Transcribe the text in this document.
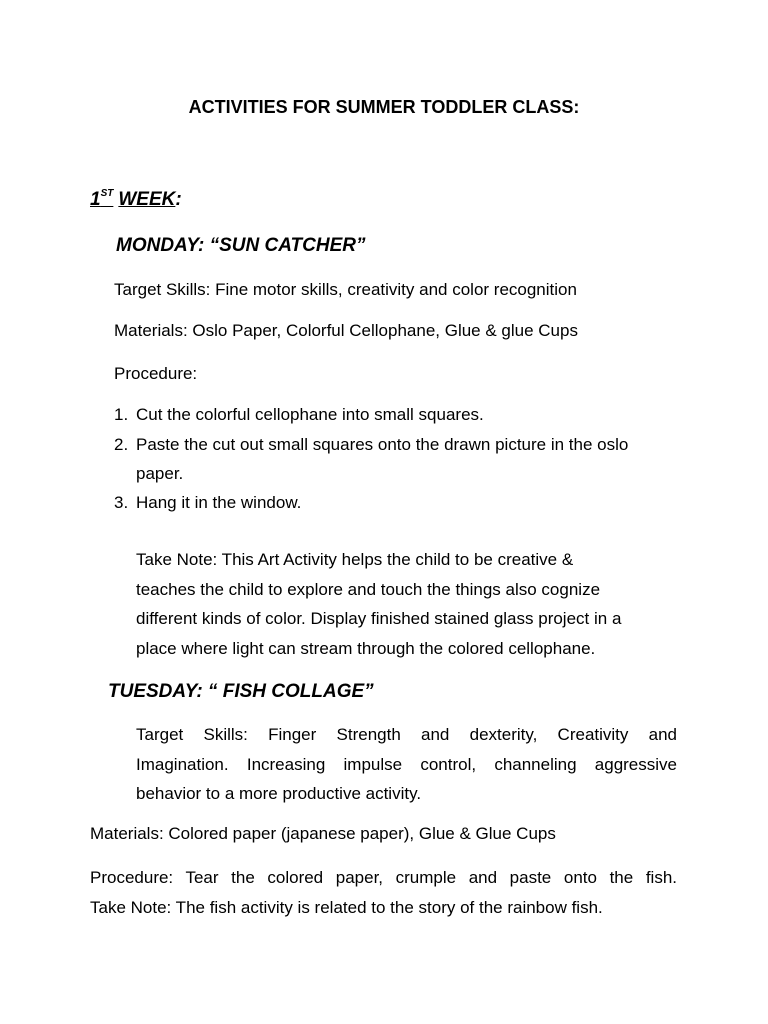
ACTIVITIES FOR SUMMER TODDLER CLASS:
1ST WEEK:
MONDAY: “SUN CATCHER”
Target Skills: Fine motor skills, creativity and color recognition
Materials: Oslo Paper, Colorful Cellophane, Glue & glue Cups
Procedure:
1. Cut the colorful cellophane into small squares.
2. Paste the cut out small squares onto the drawn picture in the oslo
paper.
3. Hang it in the window.
Take Note: This Art Activity helps the child to be creative &
teaches the child to explore and touch the things also cognize
different kinds of color. Display finished stained glass project in a
place where light can stream through the colored cellophane.
TUESDAY: “ FISH COLLAGE”
Target Skills: Finger Strength and dexterity, Creativity and
Imagination. Increasing impulse control, channeling aggressive
behavior to a more productive activity.
Materials: Colored paper (japanese paper), Glue & Glue Cups
Procedure: Tear the colored paper, crumple and paste onto the fish.
Take Note: The fish activity is related to the story of the rainbow fish.
